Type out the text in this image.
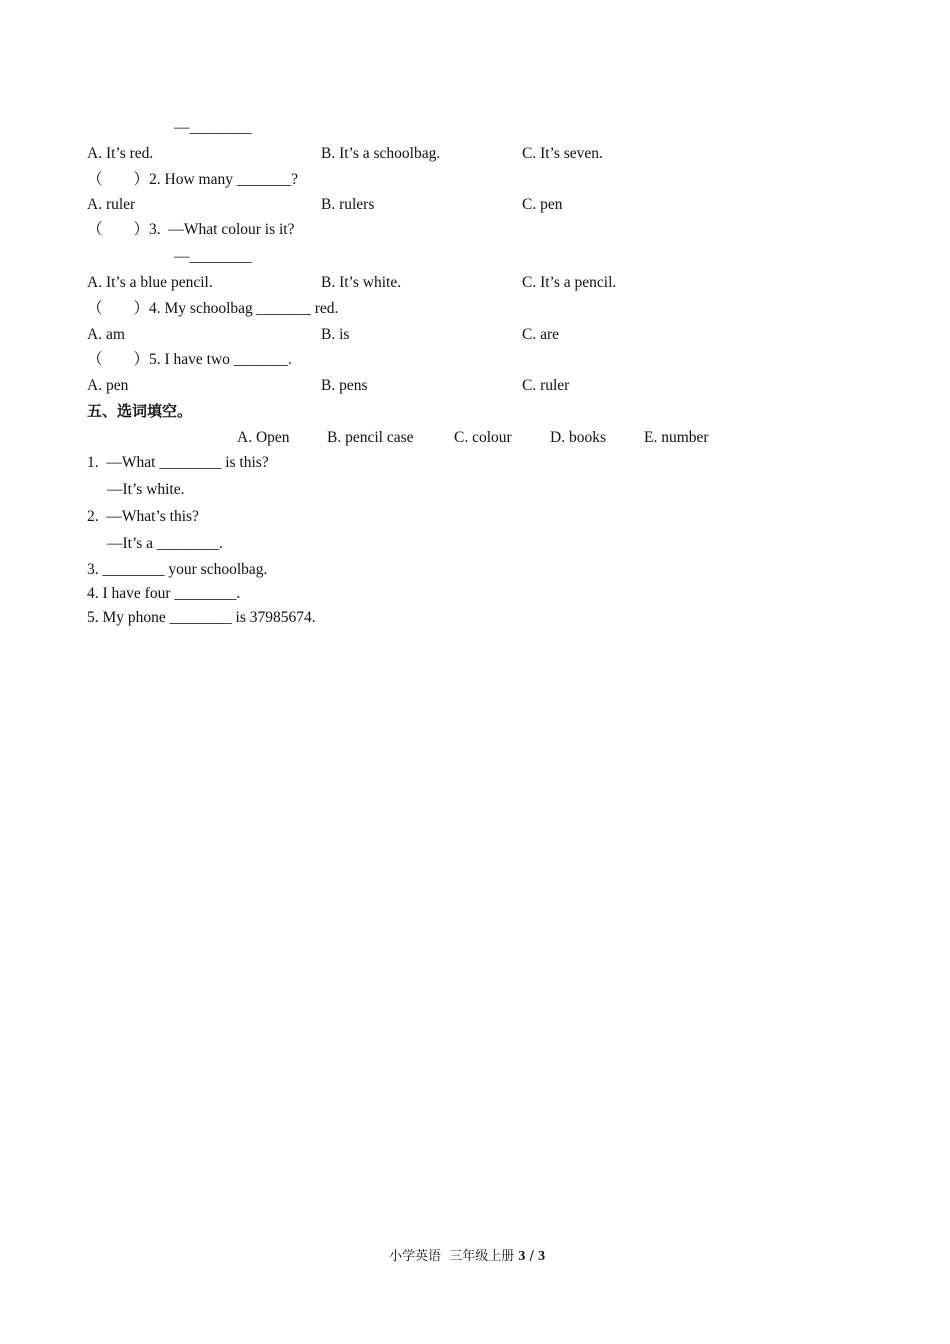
—________
A. It’s red.	B. It’s a schoolbag.	C. It’s seven.
（　　）2. How many _______?
A. ruler	B. rulers	C. pen
（　　）3.  —What colour is it?
—________
A. It’s a blue pencil.	B. It’s white.	C. It’s a pencil.
（　　）4. My schoolbag _______ red.
A. am	B. is	C. are
（　　）5. I have two _______.
A. pen	B. pens	C. ruler
五、选词填空。
A. Open B. pencil case	C. colour D. books E. number
1.  —What ________ is this?
—It’s white.
2.  —What’s this?
—It’s a ________.
3. ________ your schoolbag.
4. I have four ________.
5. My phone ________ is 37985674.
小学英语  三年级上册 3 / 3
